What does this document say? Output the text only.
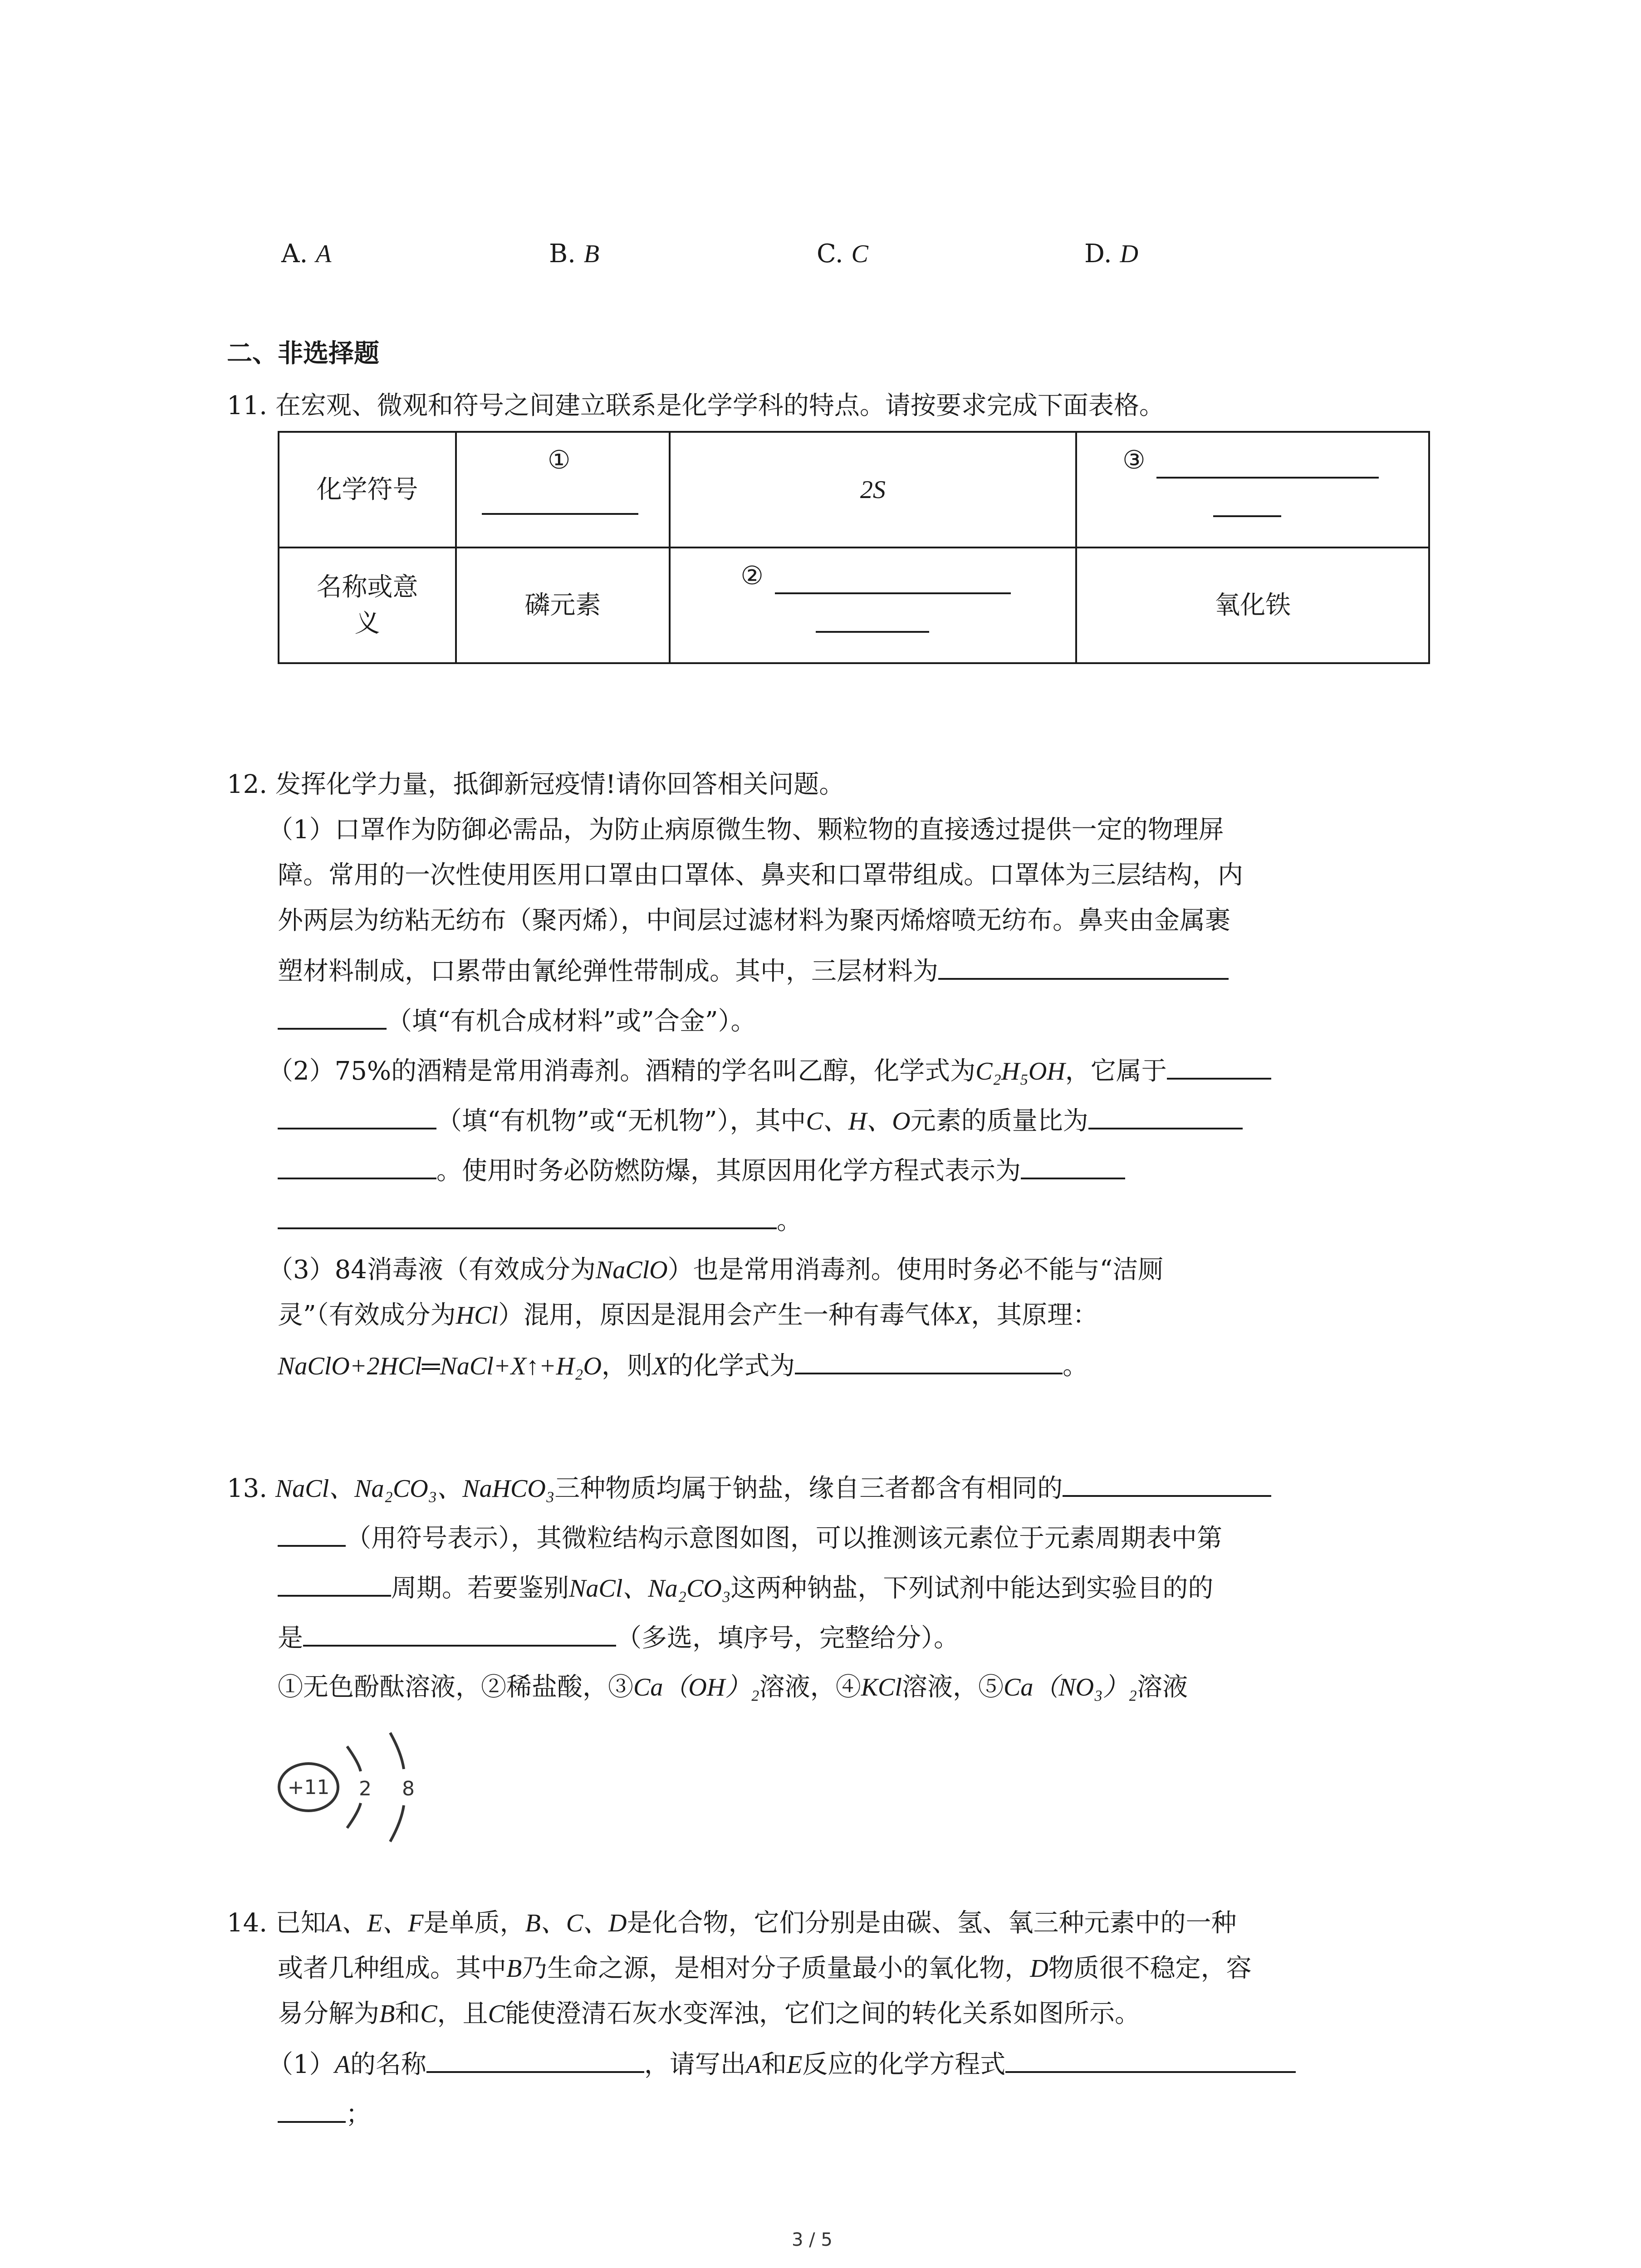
A. A	B. B	C. C	D. D
二、非选择题
11. 在宏观、微观和符号之间建立联系是化学学科的特点。请按要求完成下面表格。
化学符号	①	2S	③

名称或意
义	磷元素	②	氧化铁
12. 发挥化学力量，抵御新冠疫情!请你回答相关问题。
（1）口罩作为防御必需品，为防止病原微生物、颗粒物的直接透过提供一定的物理屏
障。常用的一次性使用医用口罩由口罩体、鼻夹和口罩带组成。口罩体为三层结构，内
外两层为纺粘无纺布（聚丙烯），中间层过滤材料为聚丙烯熔喷无纺布。鼻夹由金属裹
塑材料制成，口累带由氰纶弹性带制成。其中，三层材料为
（填“有机合成材料”或”合金”）。
（2）75%的酒精是常用消毒剂。酒精的学名叫乙醇，化学式为C₂H₅OH，它属于
（填“有机物”或“无机物”），其中C、H、O元素的质量比为
。使用时务必防燃防爆，其原因用化学方程式表示为
。
（3）84消毒液（有效成分为NaClO）也是常用消毒剂。使用时务必不能与“洁厕
灵”（有效成分为HCl）混用，原因是混用会产生一种有毒气体X，其原理：
NaClO+2HCl═NaCl+X↑+H₂O，则X的化学式为	。
13. NaCl、Na₂CO₃、NaHCO₃三种物质均属于钠盐，缘自三者都含有相同的
（用符号表示），其微粒结构示意图如图，可以推测该元素位于元素周期表中第
周期。若要鉴别NaCl、Na₂CO₃这两种钠盐，下列试剂中能达到实验目的的
是	（多选，填序号，完整给分）。
①无色酚酞溶液，②稀盐酸，③Ca（OH）₂溶液，④KCl溶液，⑤Ca（NO₃）₂溶液
+11 2 8
14. 已知A、E、F是单质，B、C、D是化合物，它们分别是由碳、氢、氧三种元素中的一种
或者几种组成。其中B乃生命之源，是相对分子质量最小的氧化物，D物质很不稳定，容
易分解为B和C，且C能使澄清石灰水变浑浊，它们之间的转化关系如图所示。
（1）A的名称	，请写出A和E反应的化学方程式
；
3 / 5
